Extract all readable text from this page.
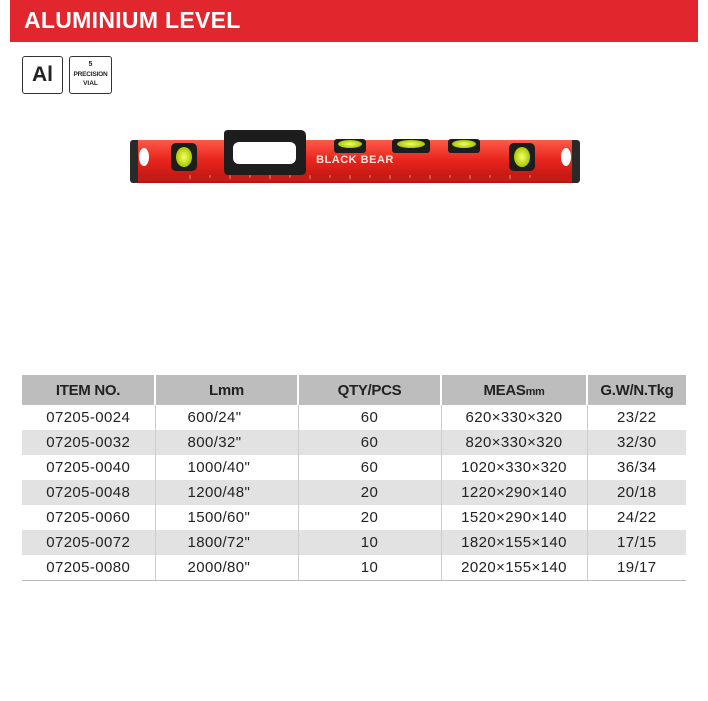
ALUMINIUM LEVEL
Al	5
PRECISION
VIAL
BLACK BEAR
ITEM NO.	Lmm	QTY/PCS	MEASmm	G.W/N.Tkg
07205-0024	600/24"	60	620×330×320	23/22
07205-0032	800/32"	60	820×330×320	32/30
07205-0040	1000/40"	60	1020×330×320	36/34
07205-0048	1200/48"	20	1220×290×140	20/18
07205-0060	1500/60"	20	1520×290×140	24/22
07205-0072	1800/72"	10	1820×155×140	17/15
07205-0080	2000/80"	10	2020×155×140	19/17
